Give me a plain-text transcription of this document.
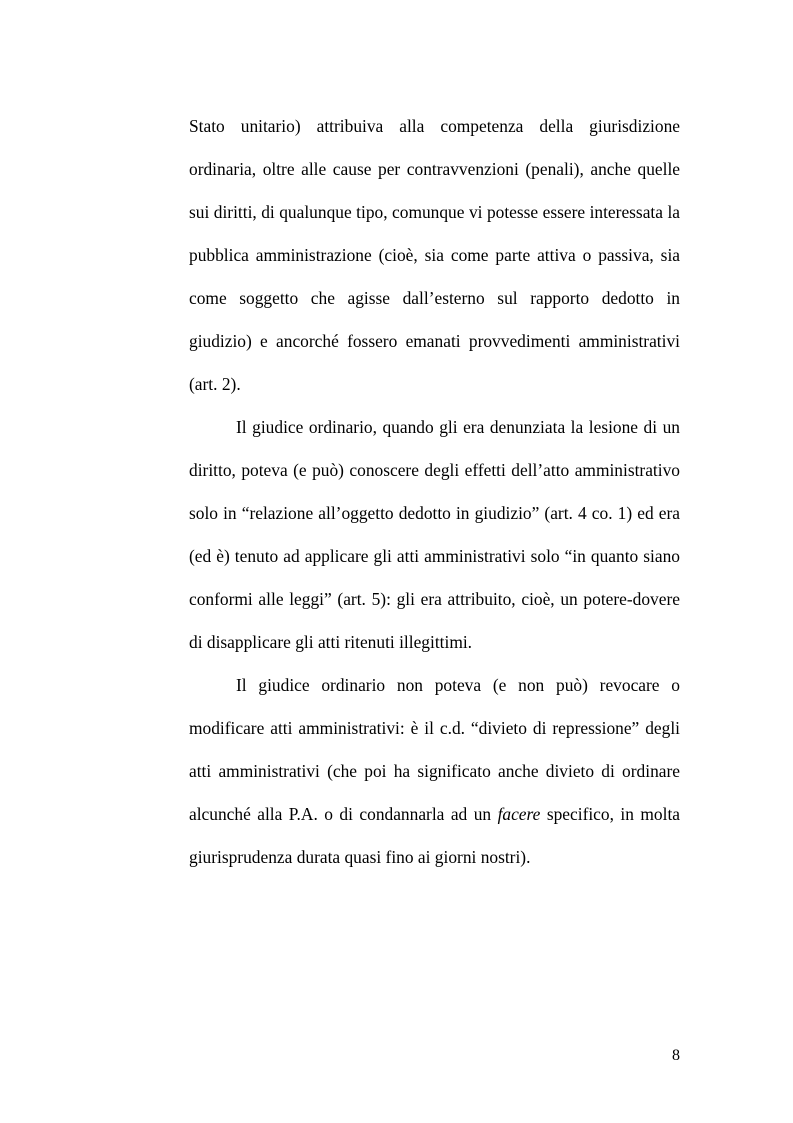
Stato unitario) attribuiva alla competenza della giurisdizione ordinaria, oltre alle cause per contravvenzioni (penali), anche quelle sui diritti, di qualunque tipo, comunque vi potesse essere interessata la pubblica amministrazione (cioè, sia come parte attiva o passiva, sia come soggetto che agisse dall’esterno sul rapporto dedotto in giudizio) e ancorché fossero emanati provvedimenti amministrativi (art. 2).

Il giudice ordinario, quando gli era denunziata la lesione di un diritto, poteva (e può) conoscere degli effetti dell’atto amministrativo solo in “relazione all’oggetto dedotto in giudizio” (art. 4 co. 1) ed era (ed è) tenuto ad applicare gli atti amministrativi solo “in quanto siano conformi alle leggi” (art. 5): gli era attribuito, cioè, un potere-dovere di disapplicare gli atti ritenuti illegittimi.

Il giudice ordinario non poteva (e non può) revocare o modificare atti amministrativi: è il c.d. “divieto di repressione” degli atti amministrativi (che poi ha significato anche divieto di ordinare alcunché alla P.A. o di condannarla ad un facere specifico, in molta giurisprudenza durata quasi fino ai giorni nostri).

8
